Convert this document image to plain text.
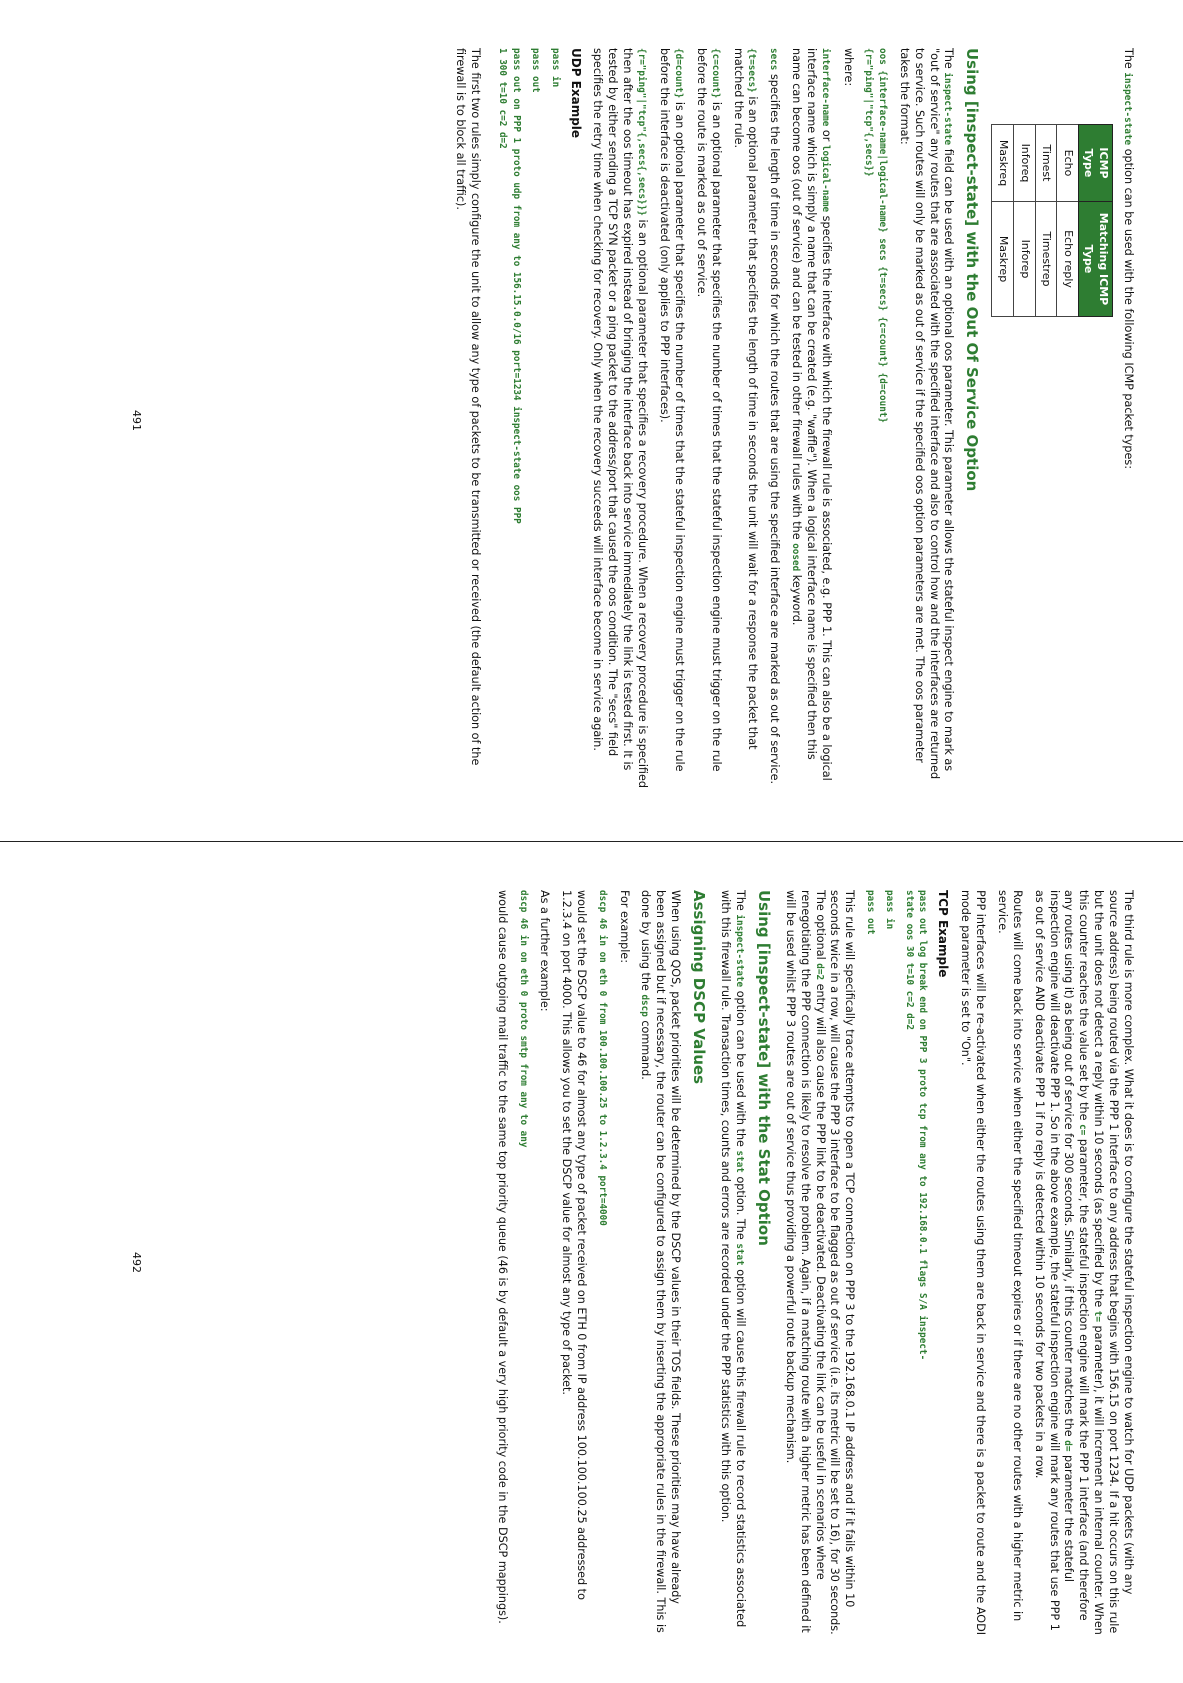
The inspect-state option can be used with the following ICMP packet types:

ICMP Type	Matching ICMP Type
Echo	Echo reply
Timest	Timestrep
Inforeq	Inforep
Maskreq	Maskrep
Using [inspect-state] with the Out Of Service Option

The inspect-state field can be used with an optional oos parameter. This parameter allows the stateful inspect engine to mark as "out of service" any routes that are associated with the specified interface and also to control how and the interfaces are returned to service. Such routes will only be marked as out of service if the specified oos option parameters are met. The oos parameter takes the format:

oos {interface-name|logical-name} secs {t=secs} {c=count} {d=count}
{r="ping"|"tcp"{,secs}}

where:

interface-name or logical-name specifies the interface with which the firewall rule is associated, e.g. PPP 1. This can also be a logical interface name which is simply a name that can be created (e.g. "waffle"). When a logical interface name is specified then this name can become oos (out of service) and can be tested in other firewall rules with the oosed keyword.

secs specifies the length of time in seconds for which the routes that are using the specified interface are marked as out of service.

{t=secs} is an optional parameter that specifies the length of time in seconds the unit will wait for a response the packet that matched the rule.

{c=count} is an optional parameter that specifies the number of times that the stateful inspection engine must trigger on the rule before the route is marked as out of service.

{d=count} is an optional parameter that specifies the number of times that the stateful inspection engine must trigger on the rule before the interface is deactivated (only applies to PPP interfaces).

{r="ping"|"tcp"{,secs{,secs}}} is an optional parameter that specifies a recovery procedure. When a recovery procedure is specified then after the oos timeout has expired instead of bringing the interface back into service immediately the link is tested first. It is tested by either sending a TCP SYN packet or a ping packet to the address/port that caused the oos condition. The "secs" field specifies the retry time when checking for recovery. Only when the recovery succeeds will interface become in service again.

UDP Example
pass in
pass out
pass out on PPP 1 proto udp from any to 156.15.0.0/16 port=1234 inspect-state oos PPP
1 300 t=10 c=2 d=2

The first two rules simply configure the unit to allow any type of packets to be transmitted or received (the default action of the firewall is to block all traffic).

491

The third rule is more complex. What it does is to configure the stateful inspection engine to watch for UDP packets (with any source address) being routed via the PPP 1 interface to any address that begins with 156.15 on port 1234. If a hit occurs on this rule but the unit does not detect a reply within 10 seconds (as specified by the t= parameter), it will increment an internal counter. When this counter reaches the value set by the c= parameter, the stateful inspection engine will mark the PPP 1 interface (and therefore any routes using it) as being out of service for 300 seconds. Similarly, if this counter matches the d= parameter the stateful inspection engine will deactivate PPP 1. So in the above example, the stateful inspection engine will mark any routes that use PPP 1 as out of service AND deactivate PPP 1 if no reply is detected within 10 seconds for two packets in a row.

Routes will come back into service when either the specified timeout expires or if there are no other routes with a higher metric in service.

PPP interfaces will be re-activated when either the routes using them are back in service and there is a packet to route and the AODI mode parameter is set to "On".

TCP Example
pass out log break end on PPP 3 proto tcp from any to 192.168.0.1 flags S/A inspect-
state oos 30 t=10 c=2 d=2
pass in
pass out

This rule will specifically trace attempts to open a TCP connection on PPP 3 to the 192.168.0.1 IP address and if it fails within 10 seconds twice in a row, will cause the PPP 3 interface to be flagged as out of service (i.e. its metric will be set to 16), for 30 seconds. The optional d=2 entry will also cause the PPP link to be deactivated. Deactivating the link can be useful in scenarios where renegotiating the PPP connection is likely to resolve the problem. Again, if a matching route with a higher metric has been defined it will be used whilst PPP 3 routes are out of service thus providing a powerful route backup mechanism.

Using [inspect-state] with the Stat Option

The inspect-state option can be used with the stat option. The stat option will cause this firewall rule to record statistics associated with this firewall rule. Transaction times, counts and errors are recorded under the PPP statistics with this option.

Assigning DSCP Values

When using QOS, packet priorities will be determined by the DSCP values in their TOS fields. These priorities may have already been assigned but if necessary, the router can be configured to assign them by inserting the appropriate rules in the firewall. This is done by using the dscp command.

For example:

dscp 46 in on eth 0 from 100.100.100.25 to 1.2.3.4 port=4000

would set the DSCP value to 46 for almost any type of packet received on ETH 0 from IP address 100.100.100.25 addressed to 1.2.3.4 on port 4000. This allows you to set the DSCP value for almost any type of packet.

As a further example:

dscp 46 in on eth 0 proto smtp from any to any

would cause outgoing mail traffic to the same top priority queue (46 is by default a very high priority code in the DSCP mappings).

492
